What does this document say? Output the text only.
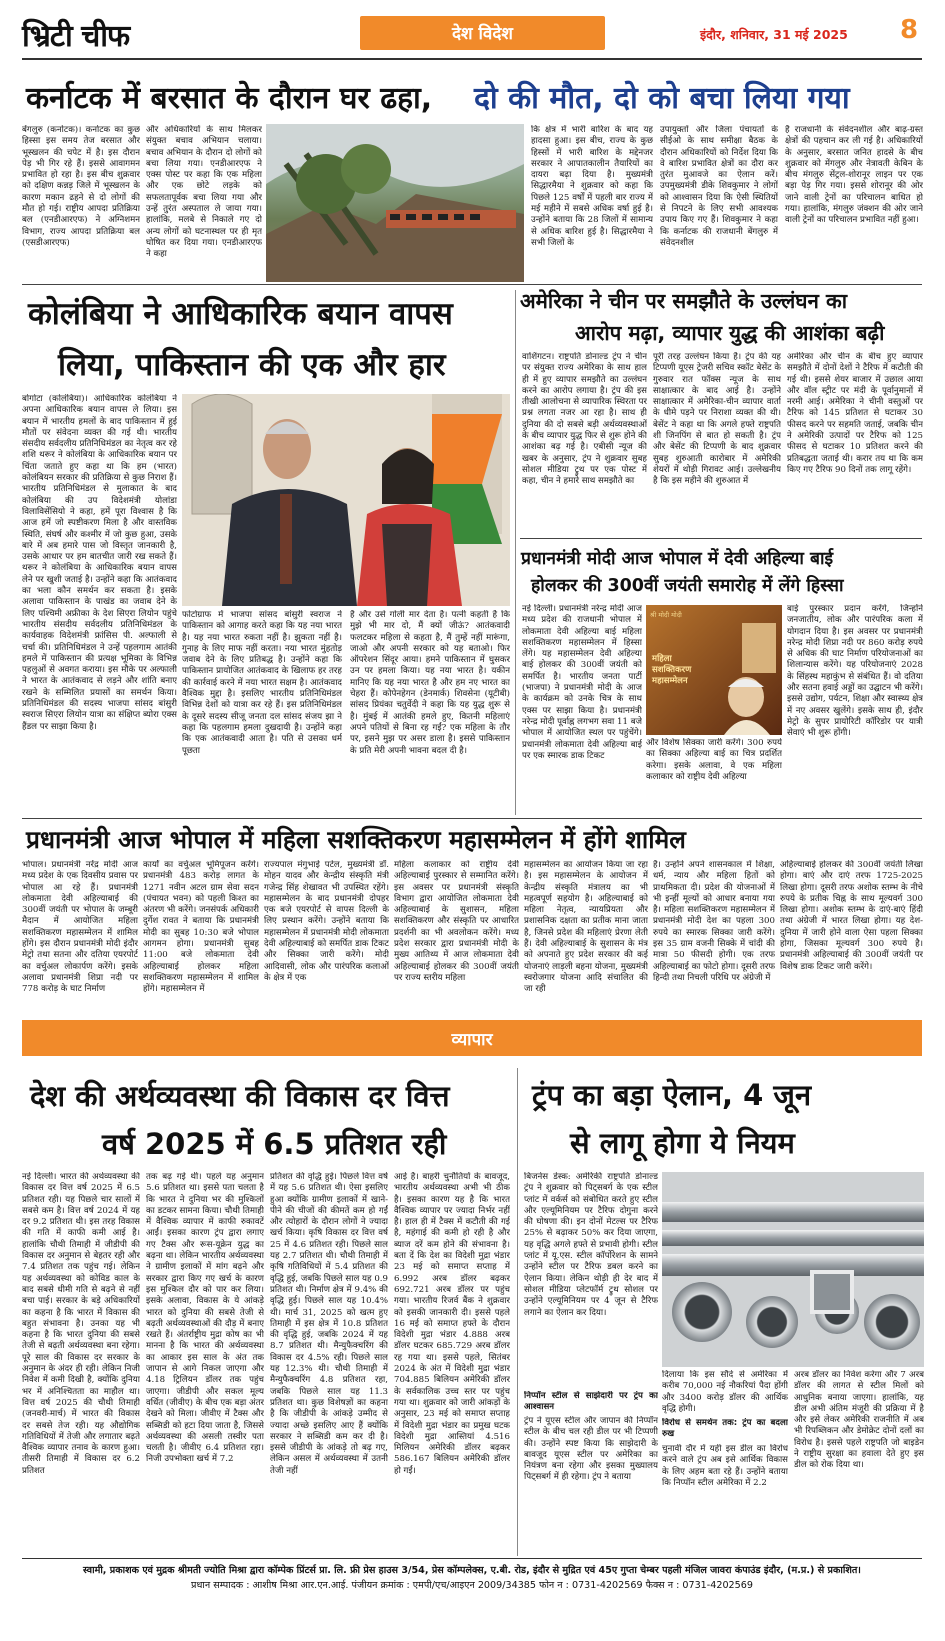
भ्रिटी चीफ	देश विदेश	इंदौर, शनिवार, 31 मई 2025 8
कर्नाटक में बरसात के दौरान घर ढहा, दो की मौत, दो को बचा लिया गया
बेंगलुरु (कर्नाटक)। कर्नाटक का कुछ हिस्सा इस समय तेज बरसात और भूस्खलन की चपेट में है। इस दौरान पेड़ भी गिर रहे हैं। इससे आवागमन प्रभावित हो रहा है। इस बीच शुक्रवार को दक्षिण कन्नड़ जिले में भूस्खलन के कारण मकान ढहने से दो लोगों की मौत हो गई। राष्ट्रीय आपदा प्रतिक्रिया बल (एनडीआरएफ) ने अग्निशमन विभाग, राज्य आपदा प्रतिक्रिया बल (एसडीआरएफ)
और अधिकारियों के साथ मिलकर संयुक्त बचाव अभियान चलाया। बचाव अभियान के दौरान दो लोगों को बचा लिया गया। एनडीआरएफ ने एक्स पोस्ट पर कहा कि एक महिला और एक छोटे लड़के को सफलतापूर्वक बचा लिया गया और उन्हें तुरंत अस्पताल ले जाया गया। हालांकि, मलबे से निकाले गए दो अन्य लोगों को घटनास्थल पर ही मृत घोषित कर दिया गया। एनडीआरएफ ने कहा
कि क्षेत्र में भारी बारिश के बाद यह हादसा हुआ। इस बीच, राज्य के कुछ हिस्सों में भारी बारिश के मद्देनजर सरकार ने आपातकालीन तैयारियों का दायरा बढ़ा दिया है। मुख्यमंत्री सिद्धारमैया ने शुक्रवार को कहा कि पिछले 125 वर्षों में पहली बार राज्य में मई महीने में सबसे अधिक वर्षा हुई है। उन्होंने बताया कि 28 जिलों में सामान्य से अधिक बारिश हुई है। सिद्धारमैया ने सभी जिलों के
उपायुक्तों और जिला पंचायतों के सीईओ के साथ समीक्षा बैठक के दौरान अधिकारियों को निर्देश दिया कि वे बारिश प्रभावित क्षेत्रों का दौरा कर तुरंत मुआवजे का ऐलान करें। उपमुख्यमंत्री डीके शिवकुमार ने लोगों को आश्वासन दिया कि ऐसी स्थितियों से निपटने के लिए सभी आवश्यक उपाय किए गए हैं। शिवकुमार ने कहा कि कर्नाटक की राजधानी बेंगलुरु में संवेदनशील
है राजधानी के संवेदनशील और बाढ़-ग्रस्त क्षेत्रों की पहचान कर ली गई है। अधिकारियों के अनुसार, बरसात जनित हादसे के बीच शुक्रवार को मेंगलुरु और नेत्रावती केबिन के बीच मंगलुरु सेंट्रल-शोरानूर लाइन पर एक बड़ा पेड़ गिर गया। इससे शोरानूर की ओर जाने वाली ट्रेनों का परिचालन बाधित हो गया। हालांकि, मंगलुरु जंक्शन की ओर जाने वाली ट्रेनों का परिचालन प्रभावित नहीं हुआ।
कोलंबिया ने आधिकारिक बयान वापस
लिया, पाकिस्तान की एक और हार
बोगोटा (कोलंबिया)। आधिकारिक कोलंबिया ने अपना आधिकारिक बयान वापस ले लिया। इस बयान में भारतीय हमलों के बाद पाकिस्तान में हुई मौतों पर संवेदना व्यक्त की गई थी। भारतीय संसदीय सर्वदलीय प्रतिनिधिमंडल का नेतृत्व कर रहे शशि थरूर ने कोलंबिया के आधिकारिक बयान पर चिंता जताते हुए कहा था कि हम (भारत) कोलंबियन सरकार की प्रतिक्रिया से कुछ निराश हैं। भारतीय प्रतिनिधिमंडल से मुलाकात के बाद कोलंबिया की उप विदेशमंत्री योलांडा विलाविसेंसियो ने कहा, हमें पूरा विश्वास है कि आज हमें जो स्पष्टीकरण मिला है और वास्तविक स्थिति, संघर्ष और कश्मीर में जो कुछ हुआ, उसके बारे में अब हमारे पास जो विस्तृत जानकारी है, उसके आधार पर हम बातचीत जारी रख सकते हैं। थरूर ने कोलंबिया के आधिकारिक बयान वापस लेने पर खुशी जताई है। उन्होंने कहा कि आतंकवाद का भला कौन समर्थन कर सकता है। इसके अलावा पाकिस्तान के पाखंड का जवाब देने के लिए पश्चिमी अफ्रीका के देश सिएरा लियोन पहुंचे भारतीय संसदीय सर्वदलीय प्रतिनिधिमंडल के कार्यवाहक विदेशमंत्री फ्रांसिस पी. अल्फाली से चर्चा की। प्रतिनिधिमंडल ने उन्हें पहलगाम आतंकी हमले में पाकिस्तान की प्रत्यक्ष भूमिका के विभिन्न पहलुओं से अवगत कराया। इस मौके पर अल्फाली ने भारत के आतंकवाद से लड़ने और शांति बनाए रखने के सम्मिलित प्रयासों का समर्थन किया। प्रतिनिधिमंडल की सदस्य भाजपा सांसद बांसुरी स्वराज सिएरा लियोन यात्रा का संक्षिप्त ब्योरा एक्स हैंडल पर साझा किया है।
फोटोग्राफ में भाजपा सांसद बांसुरी स्वराज ने पाकिस्तान को आगाह करते कहा कि यह नया भारत है। यह नया भारत रुकता नहीं है। झुकता नहीं है। गुनाह के लिए माफ नहीं करता। नया भारत मुंहतोड़ जवाब देने के लिए प्रतिबद्ध है। उन्होंने कहा कि पाकिस्तान प्रायोजित आतंकवाद के खिलाफ हर तरह की कार्रवाई करने में नया भारत सक्षम है। आतंकवाद वैश्विक मुद्दा है। इसलिए भारतीय प्रतिनिधिमंडल विभिन्न देशों को यात्रा कर रहे हैं। इस प्रतिनिधिमंडल के दूसरे सदस्य सीजू जनता दल सांसद संजय झा ने कहा कि पहलगाम हमला दुखदायी है। उन्होंने कहा कि एक आतंकवादी आता है। पति से उसका धर्म पूछता
है और उसे गोली मार देता है। पत्नी कहती है कि मुझे भी मार दो, मैं क्यों जीऊं? आतंकवादी फलटकर महिला से कहता है, मैं तुम्हें नहीं मारूंगा, जाओ और अपनी सरकार को यह बताओ। फिर ऑपरेशन सिंदूर आया। हमने पाकिस्तान में घुसकर उन पर हमला किया। यह नया भारत है। यकीन मानिए कि यह नया भारत है और हम नए भारत का चेहरा हैं। कोपेनहेगन (डेनमार्क) शिवसेना (यूटीबी) सांसद प्रियंका चतुर्वेदी ने कहा कि यह युद्ध शुरू से है। मुंबई में आतंकी हमले हुए, कितनी महिलाएं अपने पतियों से बिना रह गईं? एक महिला के तौर पर, इसने मुझ पर असर डाला है। इससे पाकिस्तान के प्रति मेरी अपनी भावना बदल दी है।
अमेरिका ने चीन पर समझौते के उल्लंघन का
आरोप मढ़ा, व्यापार युद्ध की आशंका बढ़ी
वाशिंगटन। राष्ट्रपति डोनाल्ड ट्रंप ने चीन पर संयुक्त राज्य अमेरिका के साथ हाल ही में हुए व्यापार समझौते का उल्लंघन करने का आरोप लगाया है। ट्रंप की इस तीखी आलोचना से व्यापारिक स्थिरता पर प्रश्न लगता नजर आ रहा है। साथ ही दुनिया की दो सबसे बड़ी अर्थव्यवस्थाओं के बीच व्यापार युद्ध फिर से शुरू होने की आशंका बढ़ गई है। एबीसी न्यूज की खबर के अनुसार, ट्रंप ने शुक्रवार सुबह सोशल मीडिया ट्रुथ पर एक पोस्ट में कहा, चीन ने हमारे साथ समझौते का
पूरी तरह उल्लंघन किया है। ट्रंप की यह टिप्पणी यूएस ट्रेजरी सचिव स्कॉट बेसेंट के गुरुवार रात फॉक्स न्यूज के साथ साक्षात्कार के बाद आई है। उन्होंने साक्षात्कार में अमेरिका-चीन व्यापार वार्ता के धीमे पड़ने पर निराशा व्यक्त की थी। बेसेंट ने कहा था कि अगले हफ्ते राष्ट्रपति शी जिनपिंग से बात हो सकती है। ट्रंप और बेसेंट की टिप्पणी के बाद शुक्रवार सुबह शुरुआती कारोबार में अमेरिकी शेयरों में थोड़ी गिरावट आई। उल्लेखनीय है कि इस महीने की शुरुआत में
अमेरिका और चीन के बीच हुए व्यापार समझौते में दोनों देशों ने टैरिफ में कटौती की गई थी। इससे शेयर बाजार में उछाल आया और वॉल स्ट्रीट पर मंदी के पूर्वानुमानों में नरमी आई। अमेरिका ने चीनी वस्तुओं पर टैरिफ को 145 प्रतिशत से घटाकर 30 फीसद करने पर सहमति जताई, जबकि चीन ने अमेरिकी उत्पादों पर टैरिफ को 125 फीसद से घटाकर 10 प्रतिशत करने की प्रतिबद्धता जताई थी। करार तय था कि कम किए गए टैरिफ 90 दिनों तक लागू रहेंगे।
प्रधानमंत्री मोदी आज भोपाल में देवी अहिल्या बाई
होलकर की 300वीं जयंती समारोह में लेंगे हिस्सा
नई दिल्ली। प्रधानमंत्री नरेन्द्र मोदी आज मध्य प्रदेश की राजधानी भोपाल में लोकमाता देवी अहिल्या बाई महिला सशक्तिकरण महासम्मेलन में हिस्सा लेंगे। यह महासम्मेलन देवी अहिल्या बाई होलकर की 300वीं जयंती को समर्पित है। भारतीय जनता पार्टी (भाजपा) ने प्रधानमंत्री मोदी के आज के कार्यक्रम को उनके चित्र के साथ एक्स पर साझा किया है। प्रधानमंत्री नरेन्द्र मोदी पूर्वाह्न लगभग सवा 11 बजे भोपाल में आयोजित स्थल पर पहुंचेंगे। प्रधानमंत्री लोकमाता देवी अहिल्या बाई पर एक स्मारक डाक टिकट
श्री मोदी मोदी
महिला सशक्तिकरण महासम्मेलन
और विशेष सिक्का जारी करेंगे। 300 रुपये का सिक्का अहिल्या बाई का चित्र प्रदर्शित करेगा। इसके अलावा, वे एक महिला कलाकार को राष्ट्रीय देवी अहिल्या
बाई पुरस्कार प्रदान करेंगे, जिन्होंने जनजातीय, लोक और पारंपरिक कला में योगदान दिया है। इस अवसर पर प्रधानमंत्री नरेन्द्र मोदी शिप्रा नदी पर 860 करोड़ रुपये से अधिक की घाट निर्माण परियोजनाओं का शिलान्यास करेंगे। यह परियोजनाएं 2028 के सिंहस्थ महाकुंभ से संबंधित हैं। वो दतिया और सतना हवाई अड्डों का उद्घाटन भी करेंगे। इससे उद्योग, पर्यटन, शिक्षा और स्वास्थ्य क्षेत्र में नए अवसर खुलेंगे। इसके साथ ही, इंदौर मेट्रो के सुपर प्रायोरिटी कॉरिडोर पर यात्री सेवाएं भी शुरू होंगी।
प्रधानमंत्री आज भोपाल में महिला सशक्तिकरण महासम्मेलन में होंगे शामिल
भोपाल। प्रधानमंत्री नरेंद्र मोदी आज मध्य प्रदेश के एक दिवसीय प्रवास पर भोपाल आ रहे हैं। प्रधानमंत्री लोकमाता देवी अहिल्याबाई की 300वीं जयंती पर भोपाल के जम्बूरी मैदान में आयोजित महिला सशक्तिकरण महासम्मेलन में शामिल होंगे। इस दौरान प्रधानमंत्री मोदी इंदौर मेट्रो तथा सतना और दतिया एयरपोर्ट का वर्चुअल लोकार्पण करेंगे। इसके अलावा प्रधानमंत्री शिप्रा नदी पर 778 करोड़ के घाट निर्माण
कार्यों का वर्चुअल भूमिपूजन करेंगे। प्रधानमंत्री 483 करोड़ लागत के 1271 नवीन अटल ग्राम सेवा सदन (पंचायत भवन) को पहली किश्त का अंतरण भी करेंगे। जनसंपर्क अधिकारी दुर्गेश रावत ने बताया कि प्रधानमंत्री मोदी का सुबह 10:30 बजे भोपाल आगमन होगा। प्रधानमंत्री सुबह 11:00 बजे लोकमाता देवी अहिल्याबाई होलकर महिला सशक्तिकरण महासम्मेलन में शामिल होंगे। महासम्मेलन में
राज्यपाल मंगुभाई पटेल, मुख्यमंत्री डॉ. मोहन यादव और केन्द्रीय संस्कृति मंत्री गजेन्द्र सिंह शेखावत भी उपस्थित रहेंगे। महासम्मेलन के बाद प्रधानमंत्री दोपहर एक बजे एयरपोर्ट से वापस दिल्ली के लिए प्रस्थान करेंगे। उन्होंने बताया कि महासम्मेलन में प्रधानमंत्री मोदी लोकमाता देवी अहिल्याबाई को समर्पित डाक टिकट और सिक्का जारी करेंगे। मोदी आदिवासी, लोक और पारंपरिक कलाओं के क्षेत्र में एक
महिला कलाकार को राष्ट्रीय देवी अहिल्याबाई पुरस्कार से सम्मानित करेंगे। इस अवसर पर प्रधानमंत्री संस्कृति विभाग द्वारा आयोजित लोकमाता देवी अहिल्याबाई के सुशासन, महिला सशक्तिकरण और संस्कृति पर आधारित प्रदर्शनी का भी अवलोकन करेंगे। मध्य प्रदेश सरकार द्वारा प्रधानमंत्री मोदी के मुख्य आतिथ्य में आज लोकमाता देवी अहिल्याबाई होलकर की 300वीं जयंती पर राज्य स्तरीय महिला
महासम्मेलन का आयोजन किया जा रहा है। इस महासम्मेलन के आयोजन में केन्द्रीय संस्कृति मंत्रालय का भी महत्वपूर्ण सहयोग है। अहिल्याबाई को महिला नेतृत्व, न्यायप्रियता और प्रशासनिक दक्षता का प्रतीक माना जाता है, जिनसे प्रदेश की महिलाएं प्रेरणा लेती हैं। देवी अहिल्याबाई के सुशासन के मंत्र को अपनाते हुए प्रदेश सरकार की कई योजनाएं लाड़ली बहना योजना, मुख्यमंत्री स्वरोजगार योजना आदि संचालित की जा रही
है। उन्होंने अपने शासनकाल में शिक्षा, धर्म, न्याय और महिला हितों को प्राथमिकता दी। प्रदेश की योजनाओं में भी इन्हीं मूल्यों को आधार बनाया गया है। महिला सशक्तिकरण महासम्मेलन में प्रधानमंत्री मोदी देश का पहला 300 रुपये का स्मारक सिक्का जारी करेंगे। इस 35 ग्राम वजनी सिक्के में चांदी की मात्रा 50 फीसदी होगी। एक तरफ अहिल्याबाई का फोटो होगा। दूसरी तरफ हिन्दी तथा निचली परिधि पर अंग्रेजी में
अहिल्याबाई होलकर की 300वीं जयंती लिखा होगा। बाएं और दाएं तरफ 1725-2025 लिखा होगा। दूसरी तरफ अशोक स्तम्भ के नीचे रुपये के प्रतीक चिह्न के साथ मूल्यवर्ग 300 लिखा होगा। अशोक स्तम्भ के दाएं-बाएं हिंदी तथा अंग्रेजी में भारत लिखा होगा। यह देश-दुनिया में जारी होने वाला ऐसा पहला सिक्का होगा, जिसका मूल्यवर्ग 300 रुपये है। प्रधानमंत्री अहिल्याबाई की 300वीं जयंती पर विशेष डाक टिकट जारी करेंगे।
व्यापार
देश की अर्थव्यवस्था की विकास दर वित्त
वर्ष 2025 में 6.5 प्रतिशत रही
नई दिल्ली। भारत की अर्थव्यवस्था की विकास दर वित्त वर्ष 2025 में 6.5 प्रतिशत रही। यह पिछले चार सालों में सबसे कम है। वित्त वर्ष 2024 में यह दर 9.2 प्रतिशत थी। इस तरह विकास की गति में काफी कमी आई है। हालांकि चौथी तिमाही में जीडीपी की विकास दर अनुमान से बेहतर रही और 7.4 प्रतिशत तक पहुंच गई। लेकिन यह अर्थव्यवस्था को कोविड काल के बाद सबसे धीमी गति से बढ़ने से नहीं बचा पाई। सरकार के बड़े अधिकारियों का कहना है कि भारत में विकास की बहुत संभावना है। उनका यह भी कहना है कि भारत दुनिया की सबसे तेजी से बढ़ती अर्थव्यवस्था बना रहेगा। पूरे साल की विकास दर सरकार के अनुमान के अंदर ही रही। लेकिन निजी निवेश में कमी दिखी है, क्योंकि दुनिया भर में अनिश्चितता का माहौल था। वित्त वर्ष 2025 की चौथी तिमाही (जनवरी-मार्च) में भारत की विकास दर सबसे तेज रही। यह औद्योगिक गतिविधियों में तेजी और लगातार बढ़ते वैश्विक व्यापार तनाव के कारण हुआ। तीसरी तिमाही में विकास दर 6.2 प्रतिशत
तक बढ़ गई थी। पहले यह अनुमान 5.6 प्रतिशत था। इससे पता चलता है कि भारत ने दुनिया भर की मुश्किलों का डटकर सामना किया। चौथी तिमाही में वैश्विक व्यापार में काफी रुकावटें आईं। इसका कारण ट्रंप द्वारा लगाए गए टैक्स और रूस-यूक्रेन युद्ध का बढ़ना था। लेकिन भारतीय अर्थव्यवस्था ने ग्रामीण इलाकों में मांग बढ़ने और सरकार द्वारा किए गए खर्च के कारण इस मुश्किल दौर को पार कर लिया। इसके अलावा, विकास के ये आंकड़े भारत को दुनिया की सबसे तेजी से बढ़ती अर्थव्यवस्थाओं की दौड़ में बनाए रखते हैं। अंतर्राष्ट्रीय मुद्रा कोष का भी मानना है कि भारत की अर्थव्यवस्था का आकार इस साल के अंत तक जापान से आगे निकल जाएगा और 4.18 ट्रिलियन डॉलर तक पहुंच जाएगा। जीडीपी और सकल मूल्य वर्धित (जीवीए) के बीच एक बड़ा अंतर देखने को मिला। जीवीए में टैक्स और सब्सिडी को हटा दिया जाता है, जिससे अर्थव्यवस्था की असली तस्वीर पता चलती है। जीवीए 6.4 प्रतिशत रहा। निजी उपभोक्ता खर्च में 7.2
प्रतिशत की वृद्धि हुई। पिछले वित्त वर्ष में यह 5.6 प्रतिशत थी। ऐसा इसलिए हुआ क्योंकि ग्रामीण इलाकों में खाने-पीने की चीजों की कीमतें कम हो गईं और त्योहारों के दौरान लोगों ने ज्यादा खर्च किया। कृषि विकास दर वित्त वर्ष 25 में 4.6 प्रतिशत रही। पिछले साल यह 2.7 प्रतिशत थी। चौथी तिमाही में कृषि गतिविधियों में 5.4 प्रतिशत की वृद्धि हुई, जबकि पिछले साल यह 0.9 प्रतिशत थी। निर्माण क्षेत्र में 9.4% की वृद्धि हुई। पिछले साल यह 10.4% थी। मार्च 31, 2025 को खत्म हुए तिमाही में इस क्षेत्र में 10.8 प्रतिशत की वृद्धि हुई, जबकि 2024 में यह 8.7 प्रतिशत थी। मैन्युफैक्चरिंग की विकास दर 4.5% रही। पिछले साल यह 12.3% थी। चौथी तिमाही में मैन्युफैक्चरिंग 4.8 प्रतिशत रहा, जबकि पिछले साल यह 11.3 प्रतिशत था। कुछ विशेषज्ञों का कहना है कि जीडीपी के आंकड़े उम्मीद से ज्यादा अच्छे इसलिए आए हैं क्योंकि सरकार ने सब्सिडी कम कर दी है। इससे जीडीपी के आंकड़े तो बढ़ गए, लेकिन असल में अर्थव्यवस्था में उतनी तेजी नहीं
आई है। बाहरी चुनौतियों के बावजूद, भारतीय अर्थव्यवस्था अभी भी ठीक है। इसका कारण यह है कि भारत वैश्विक व्यापार पर ज्यादा निर्भर नहीं है। हाल ही में टैक्स में कटौती की गई है, महंगाई की कमी हो रही है और ब्याज दरें कम होने की संभावना है। बता दें कि देश का विदेशी मुद्रा भंडार 23 मई को समाप्त सप्ताह में 6.992 अरब डॉलर बढ़कर 692.721 अरब डॉलर पर पहुंच गया। भारतीय रिजर्व बैंक ने शुक्रवार को इसकी जानकारी दी। इससे पहले 16 मई को समाप्त हफ्ते के दौरान विदेशी मुद्रा भंडार 4.888 अरब डॉलर घटकर 685.729 अरब डॉलर रह गया था। इससे पहले, सितंबर 2024 के अंत में विदेशी मुद्रा भंडार 704.885 बिलियन अमेरिकी डॉलर के सर्वकालिक उच्च स्तर पर पहुंच गया था। शुक्रवार को जारी आंकड़ों के अनुसार, 23 मई को समाप्त सप्ताह में विदेशी मुद्रा भंडार का प्रमुख घटक विदेशी मुद्रा आस्तियां 4.516 मिलियन अमेरिकी डॉलर बढ़कर 586.167 बिलियन अमेरिकी डॉलर हो गईं।
ट्रंप का बड़ा ऐलान, 4 जून
से लागू होगा ये नियम
बिजनेस डेस्क: अमेरिकी राष्ट्रपति डोनाल्ड ट्रंप ने शुक्रवार को पिट्सबर्ग के एक स्टील प्लांट में वर्कर्स को संबोधित करते हुए स्टील और एल्यूमिनियम पर टैरिफ दोगुना करने की घोषणा की। इन दोनों मेटल्स पर टैरिफ 25% से बढ़ाकर 50% कर दिया जाएगा, यह वृद्धि अगले हफ्ते से प्रभावी होगी। स्टील प्लांट में यू.एस. स्टील कॉर्पोरेशन के सामने उन्होंने स्टील पर टैरिफ डबल करने का ऐलान किया। लेकिन थोड़ी ही देर बाद में सोशल मीडिया प्लेटफॉर्म ट्रुथ सोशल पर उन्होंने एल्यूमिनियम पर 4 जून से टैरिफ लगाने का ऐलान कर दिया।
निप्पॉन स्टील से साझेदारी पर ट्रंप का आश्वासन
ट्रंप ने यूएस स्टील और जापान की निप्पॉन स्टील के बीच चल रही डील पर भी टिप्पणी की। उन्होंने स्पष्ट किया कि साझेदारी के बावजूद यूएस स्टील पर अमेरिका का नियंत्रण बना रहेगा और इसका मुख्यालय पिट्सबर्ग में ही रहेगा। ट्रंप ने बताया
दिलाया कि इस सौदे से अमेरिका में करीब 70,000 नई नौकरियां पैदा होंगी और 3400 करोड़ डॉलर की आर्थिक वृद्धि होगी।
विरोध से समर्थन तक: ट्रंप का बदला रुख
चुनावी दौर में यही इस डील का विरोध करने वाले ट्रंप अब इसे आर्थिक विकास के लिए अहम बता रहे हैं। उन्होंने बताया कि निप्पॉन स्टील अमेरिका में 2.2
अरब डॉलर का निवेश करेगा और 7 अरब डॉलर की लागत से स्टील मिलों को आधुनिक बनाया जाएगा। हालांकि, यह डील अभी अंतिम मंजूरी की प्रक्रिया में है और इसे लेकर अमेरिकी राजनीति में अब भी रिपब्लिकन और डेमोक्रेट दोनों दलों का विरोध है। इससे पहले राष्ट्रपति जो बाइडेन ने राष्ट्रीय सुरक्षा का हवाला देते हुए इस डील को रोक दिया था।
स्वामी, प्रकाशक एवं मुद्रक श्रीमती ज्योति मिश्रा द्वारा कॉम्पेक प्रिंटर्स प्रा. लि. फ्री प्रेस हाउस 3/54, प्रेस कॉम्पलेक्स, ए.बी. रोड, इंदौर से मुद्रित एवं 45ए गुप्ता चेम्बर पहली मंजिल जावरा कंपाउंड इंदौर, (म.प्र.) से प्रकाशित।
प्रधान सम्पादक : आशीष मिश्रा आर.एन.आई. पंजीयन क्रमांक : एमपी/एच/आइएन 2009/34385 फोन न : 0731-4202569 फैक्स न : 0731-4202569
